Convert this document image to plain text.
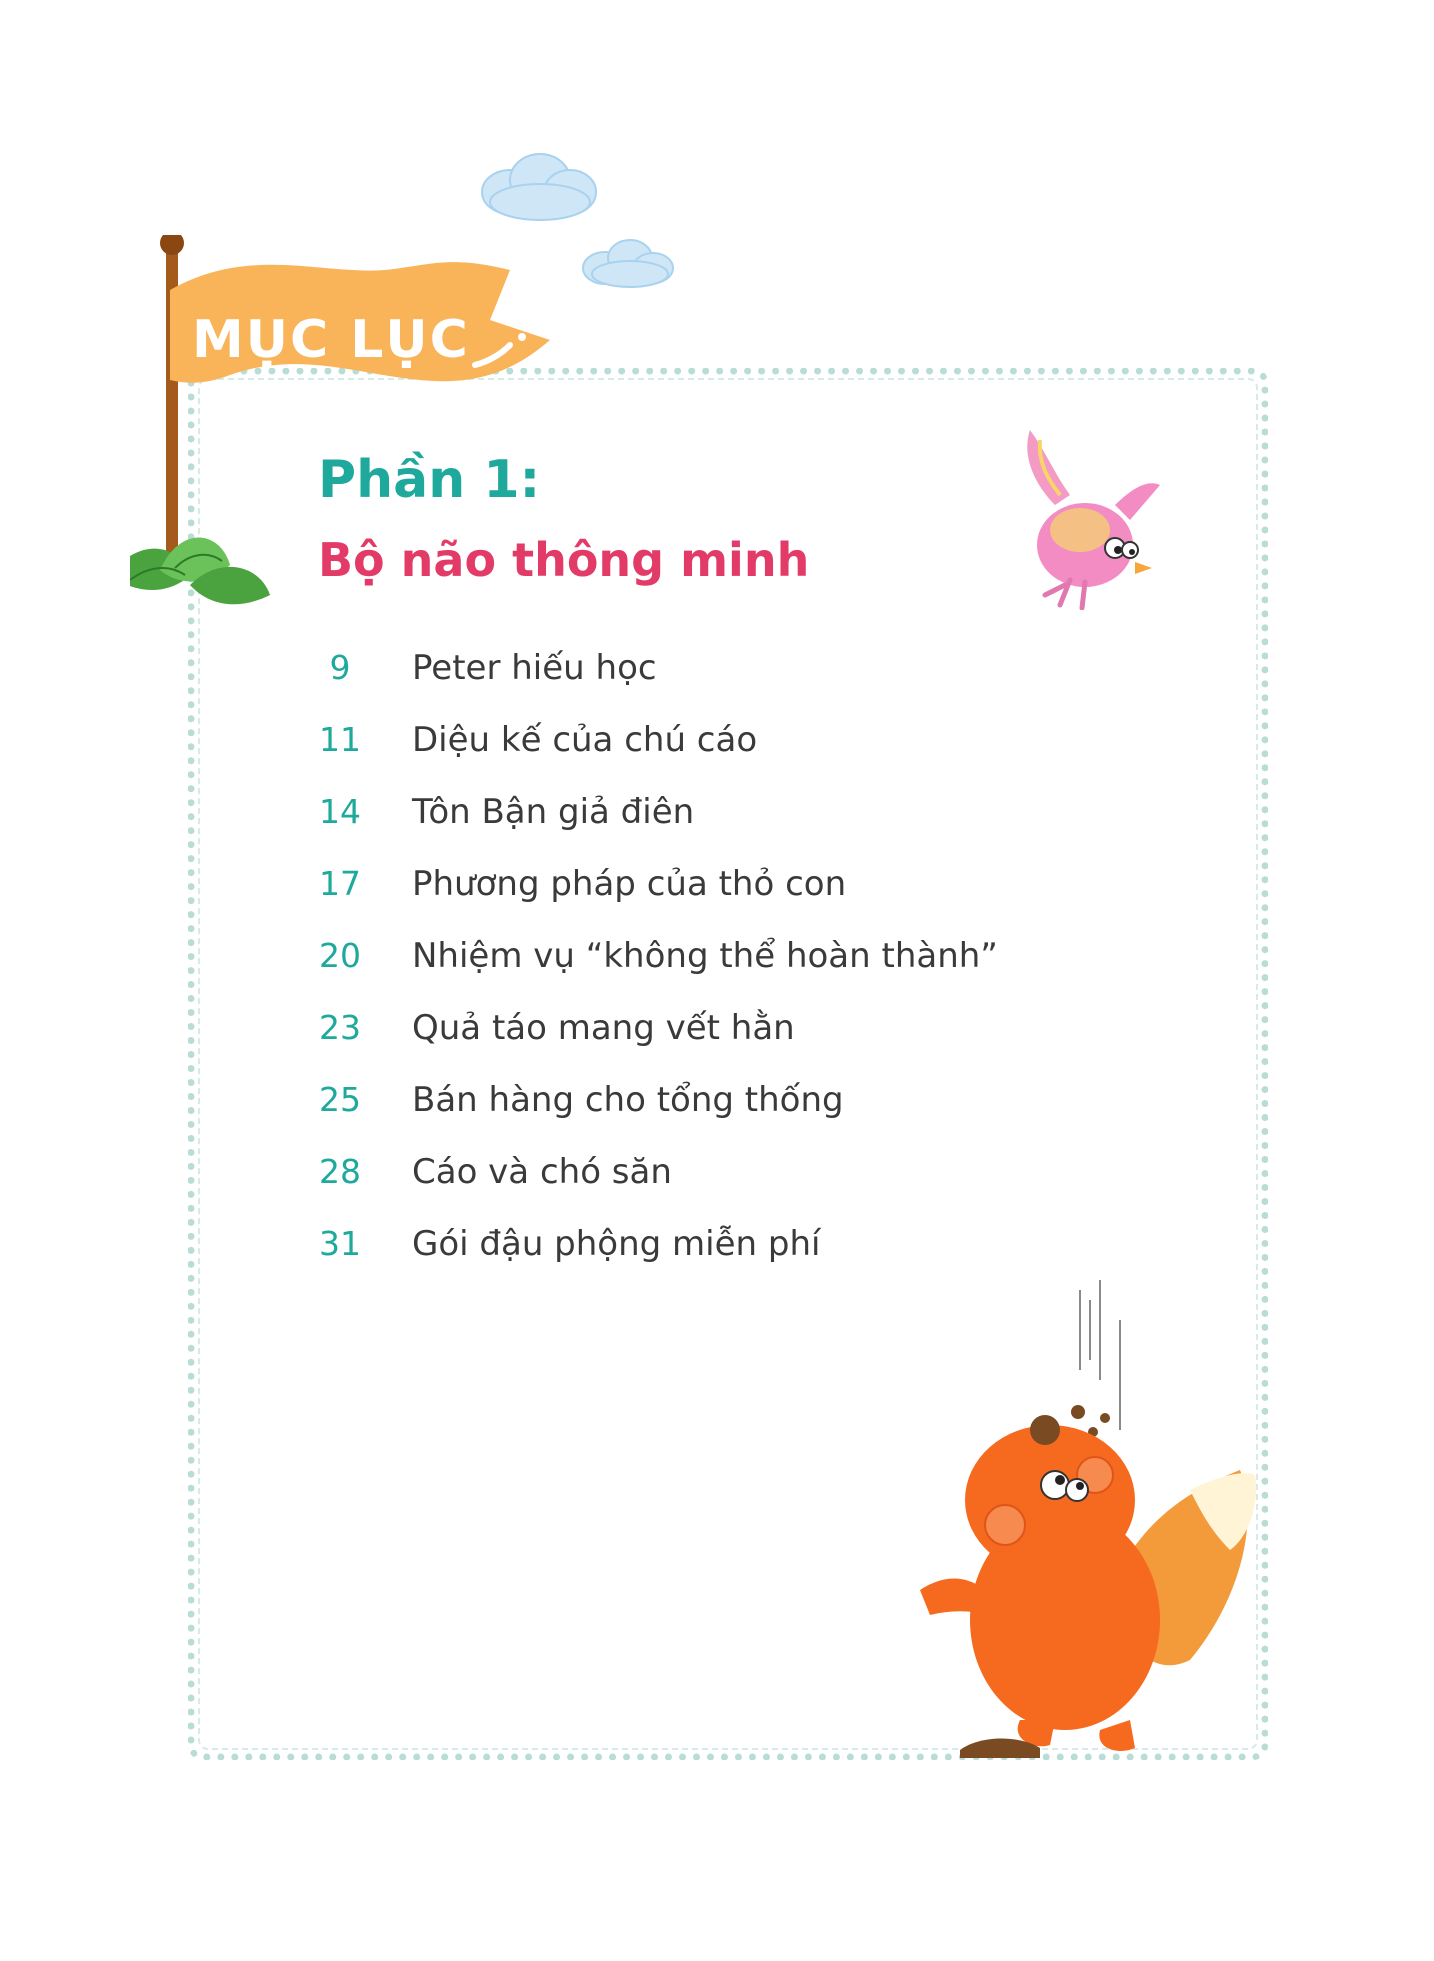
MỤC LỤC
Phần 1:
Bộ não thông minh
9	Peter hiếu học
11	Diệu kế của chú cáo
14	Tôn Bận giả điên
17	Phương pháp của thỏ con
20	Nhiệm vụ “không thể hoàn thành”
23	Quả táo mang vết hằn
25	Bán hàng cho tổng thống
28	Cáo và chó săn
31	Gói đậu phộng miễn phí
